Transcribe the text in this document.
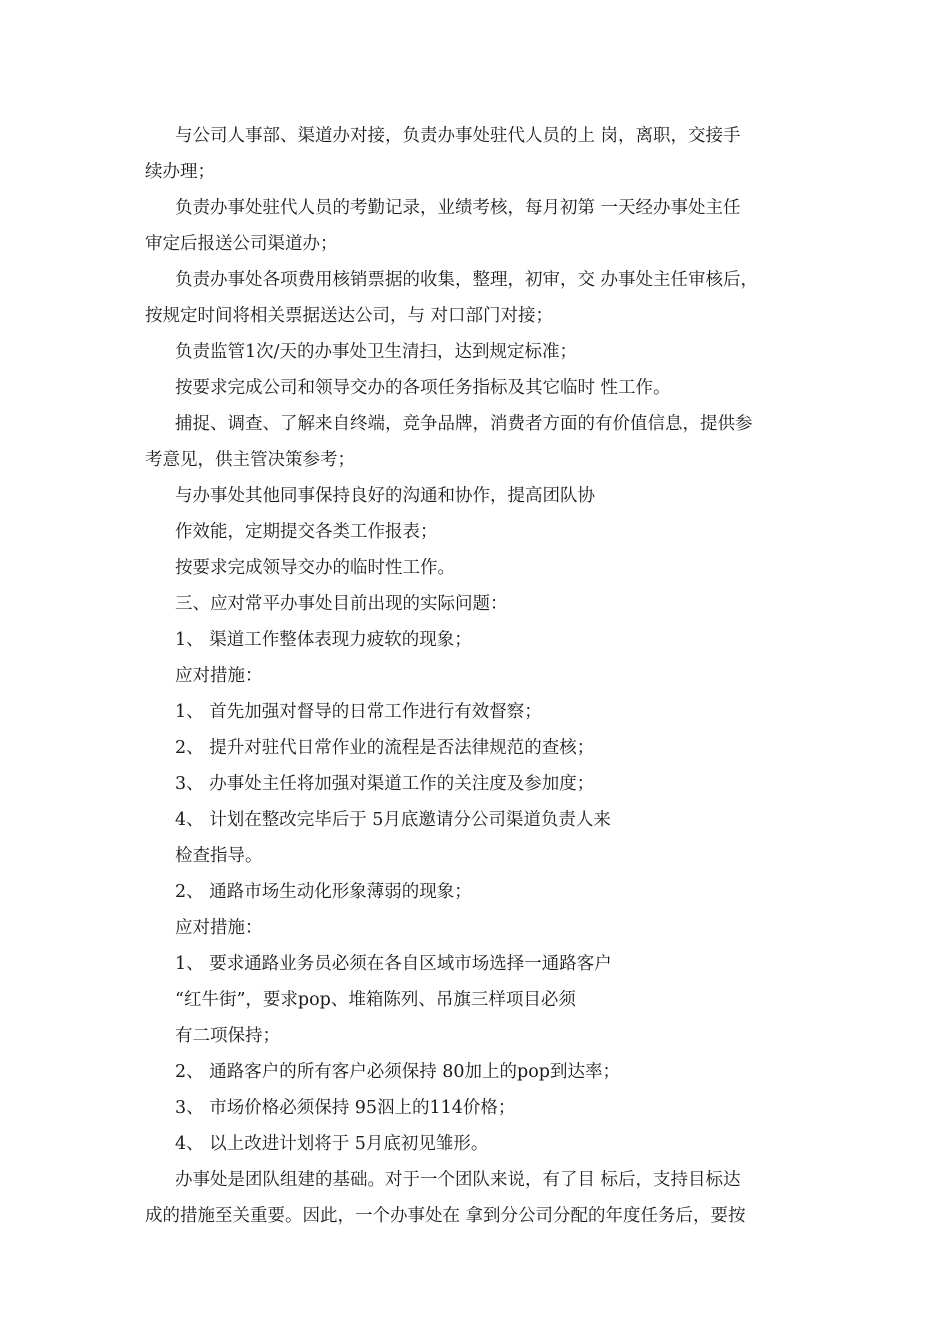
与公司人事部、渠道办对接，负责办事处驻代人员的上 岗，离职，交接手
续办理；
负责办事处驻代人员的考勤记录，业绩考核，每月初第 一天经办事处主任
审定后报送公司渠道办；
负责办事处各项费用核销票据的收集，整理，初审，交 办事处主任审核后，
按规定时间将相关票据送达公司，与 对口部门对接；
负责监管1次/天的办事处卫生清扫，达到规定标准；
按要求完成公司和领导交办的各项任务指标及其它临时 性工作。
捕捉、调查、了解来自终端，竞争品牌，消费者方面的有价值信息，提供参
考意见，供主管决策参考；
与办事处其他同事保持良好的沟通和协作，提高团队协
作效能，定期提交各类工作报表；
按要求完成领导交办的临时性工作。
三、应对常平办事处目前出现的实际问题：
1、 渠道工作整体表现力疲软的现象；
应对措施：
1、 首先加强对督导的日常工作进行有效督察；
2、 提升对驻代日常作业的流程是否法律规范的查核；
3、 办事处主任将加强对渠道工作的关注度及参加度；
4、 计划在整改完毕后于 5月底邀请分公司渠道负责人来
检查指导。
2、 通路市场生动化形象薄弱的现象；
应对措施：
1、 要求通路业务员必须在各自区域市场选择一通路客户
“红牛街”，要求pop、堆箱陈列、吊旗三样项目必须
有二项保持；
2、 通路客户的所有客户必须保持 80加上的pop到达率；
3、 市场价格必须保持 95泅上的114价格；
4、 以上改进计划将于 5月底初见雏形。
办事处是团队组建的基础。对于一个团队来说，有了目 标后，支持目标达
成的措施至关重要。因此，一个办事处在 拿到分公司分配的年度任务后，要按
